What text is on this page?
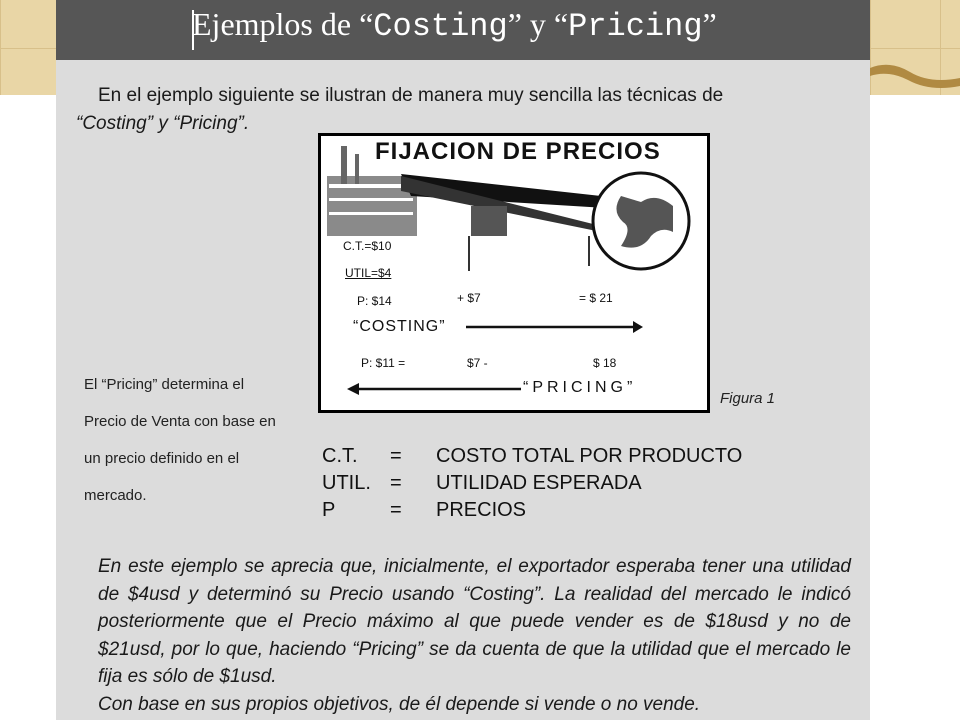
Ejemplos de “Costing” y “Pricing”
En el ejemplo siguiente se ilustran de manera muy sencilla las técnicas de
“Costing” y “Pricing”.
FIJACION DE PRECIOS
C.T.=$10
UTIL=$4
P: $14	+ $7	= $ 21
“COSTING”
P: $11 =	$7 -	$ 18
“PRICING”
Figura 1
El “Pricing” determina el
Precio de Venta con base en
un precio definido en el
mercado.
C.T. = COSTO TOTAL POR PRODUCTO
UTIL. = UTILIDAD ESPERADA
P	= PRECIOS

En este ejemplo se aprecia que, inicialmente, el exportador esperaba tener una utilidad de $4usd y determinó su Precio usando “Costing”. La realidad del mercado le indicó posteriormente que el Precio máximo al que puede vender es de $18usd y no de $21usd, por lo que, haciendo “Pricing” se da cuenta de que la utilidad que el mercado le fija es sólo de $1usd.

Con base en sus propios objetivos, de él depende si vende o no vende.
